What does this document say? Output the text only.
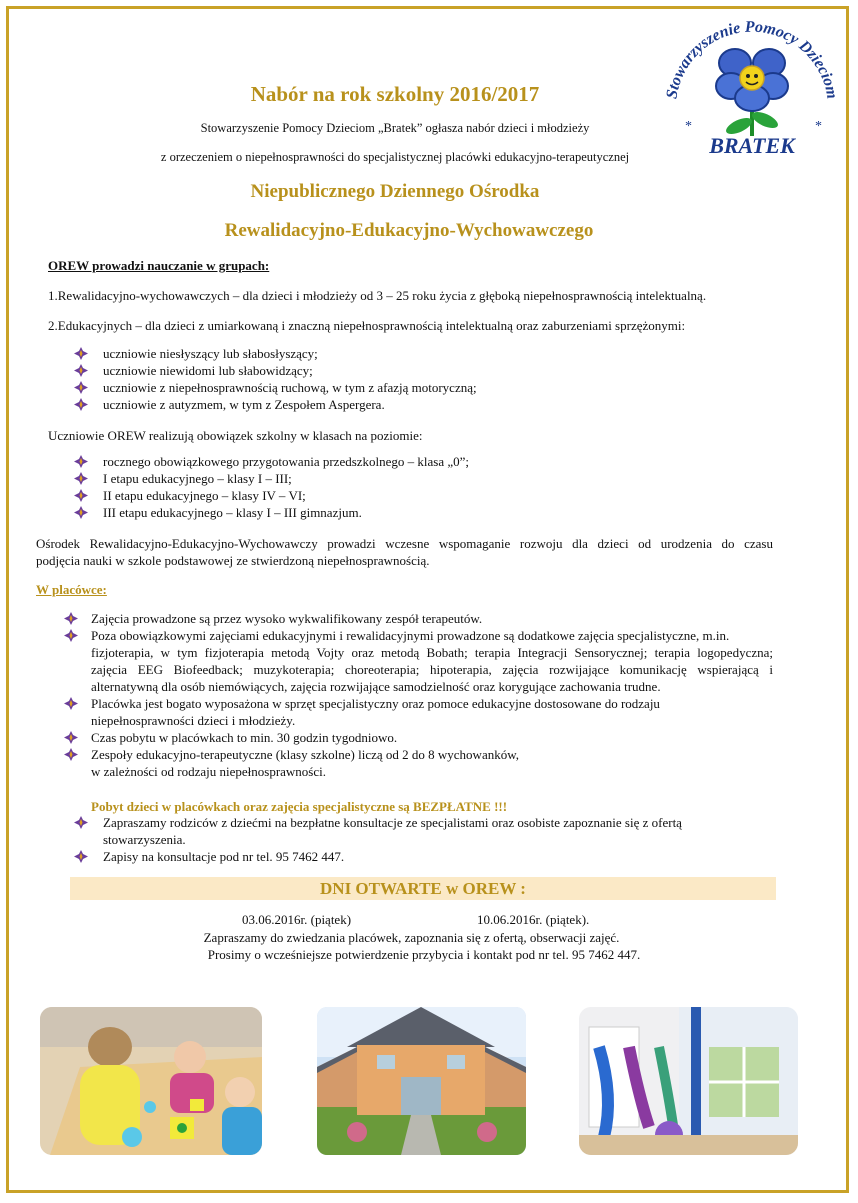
Stowarzyszenie Pomocy Dzieciom
BRATEK
*	*
Nabór na rok szkolny 2016/2017
Stowarzyszenie Pomocy Dzieciom „Bratek” ogłasza nabór dzieci i młodzieży
z orzeczeniem o niepełnosprawności do specjalistycznej placówki edukacyjno-terapeutycznej
Niepublicznego Dziennego Ośrodka
Rewalidacyjno-Edukacyjno-Wychowawczego
OREW prowadzi nauczanie w grupach:
1.Rewalidacyjno-wychowawczych – dla dzieci i młodzieży od 3 – 25 roku życia z głęboką niepełnosprawnością intelektualną.
2.Edukacyjnych – dla dzieci z umiarkowaną i znaczną niepełnosprawnością intelektualną oraz zaburzeniami sprzężonymi:
uczniowie niesłyszący lub słabosłyszący;
uczniowie niewidomi lub słabowidzący;
uczniowie z niepełnosprawnością ruchową, w tym z afazją motoryczną;
uczniowie z autyzmem, w tym z Zespołem Aspergera.
Uczniowie OREW realizują obowiązek szkolny w klasach na poziomie:
rocznego obowiązkowego przygotowania przedszkolnego – klasa „0”;
I etapu edukacyjnego – klasy I – III;
II etapu edukacyjnego – klasy IV – VI;
III etapu edukacyjnego – klasy I – III gimnazjum.
Ośrodek Rewalidacyjno-Edukacyjno-Wychowawczy prowadzi wczesne wspomaganie rozwoju dla dzieci od urodzenia do czasu
podjęcia nauki w szkole podstawowej ze stwierdzoną niepełnosprawnością.
W placówce:
Zajęcia prowadzone są przez wysoko wykwalifikowany zespół terapeutów.
Poza obowiązkowymi zajęciami edukacyjnymi i rewalidacyjnymi prowadzone są dodatkowe zajęcia specjalistyczne, m.in.
fizjoterapia, w tym fizjoterapia metodą Vojty oraz metodą Bobath; terapia Integracji Sensorycznej; terapia logopedyczna;
zajęcia EEG Biofeedback; muzykoterapia; choreoterapia; hipoterapia, zajęcia rozwijające komunikację wspierającą i
alternatywną dla osób niemówiących, zajęcia rozwijające samodzielność oraz korygujące zachowania trudne.
Placówka jest bogato wyposażona w sprzęt specjalistyczny oraz pomoce edukacyjne dostosowane do rodzaju
niepełnosprawności dzieci i młodzieży.
Czas pobytu w placówkach to min. 30 godzin tygodniowo.
Zespoły edukacyjno-terapeutyczne (klasy szkolne) liczą od 2 do 8 wychowanków,
w zależności od rodzaju niepełnosprawności.
Pobyt dzieci w placówkach oraz zajęcia specjalistyczne są BEZPŁATNE !!!
Zapraszamy rodziców z dziećmi na bezpłatne konsultacje ze specjalistami oraz osobiste zapoznanie się z ofertą
stowarzyszenia.
Zapisy na konsultacje pod nr tel. 95 7462 447.
DNI OTWARTE w OREW :
03.06.2016r. (piątek)	10.06.2016r. (piątek).
Zapraszamy do zwiedzania placówek, zapoznania się z ofertą, obserwacji zajęć.
Prosimy o wcześniejsze potwierdzenie przybycia i kontakt pod nr tel. 95 7462 447.
